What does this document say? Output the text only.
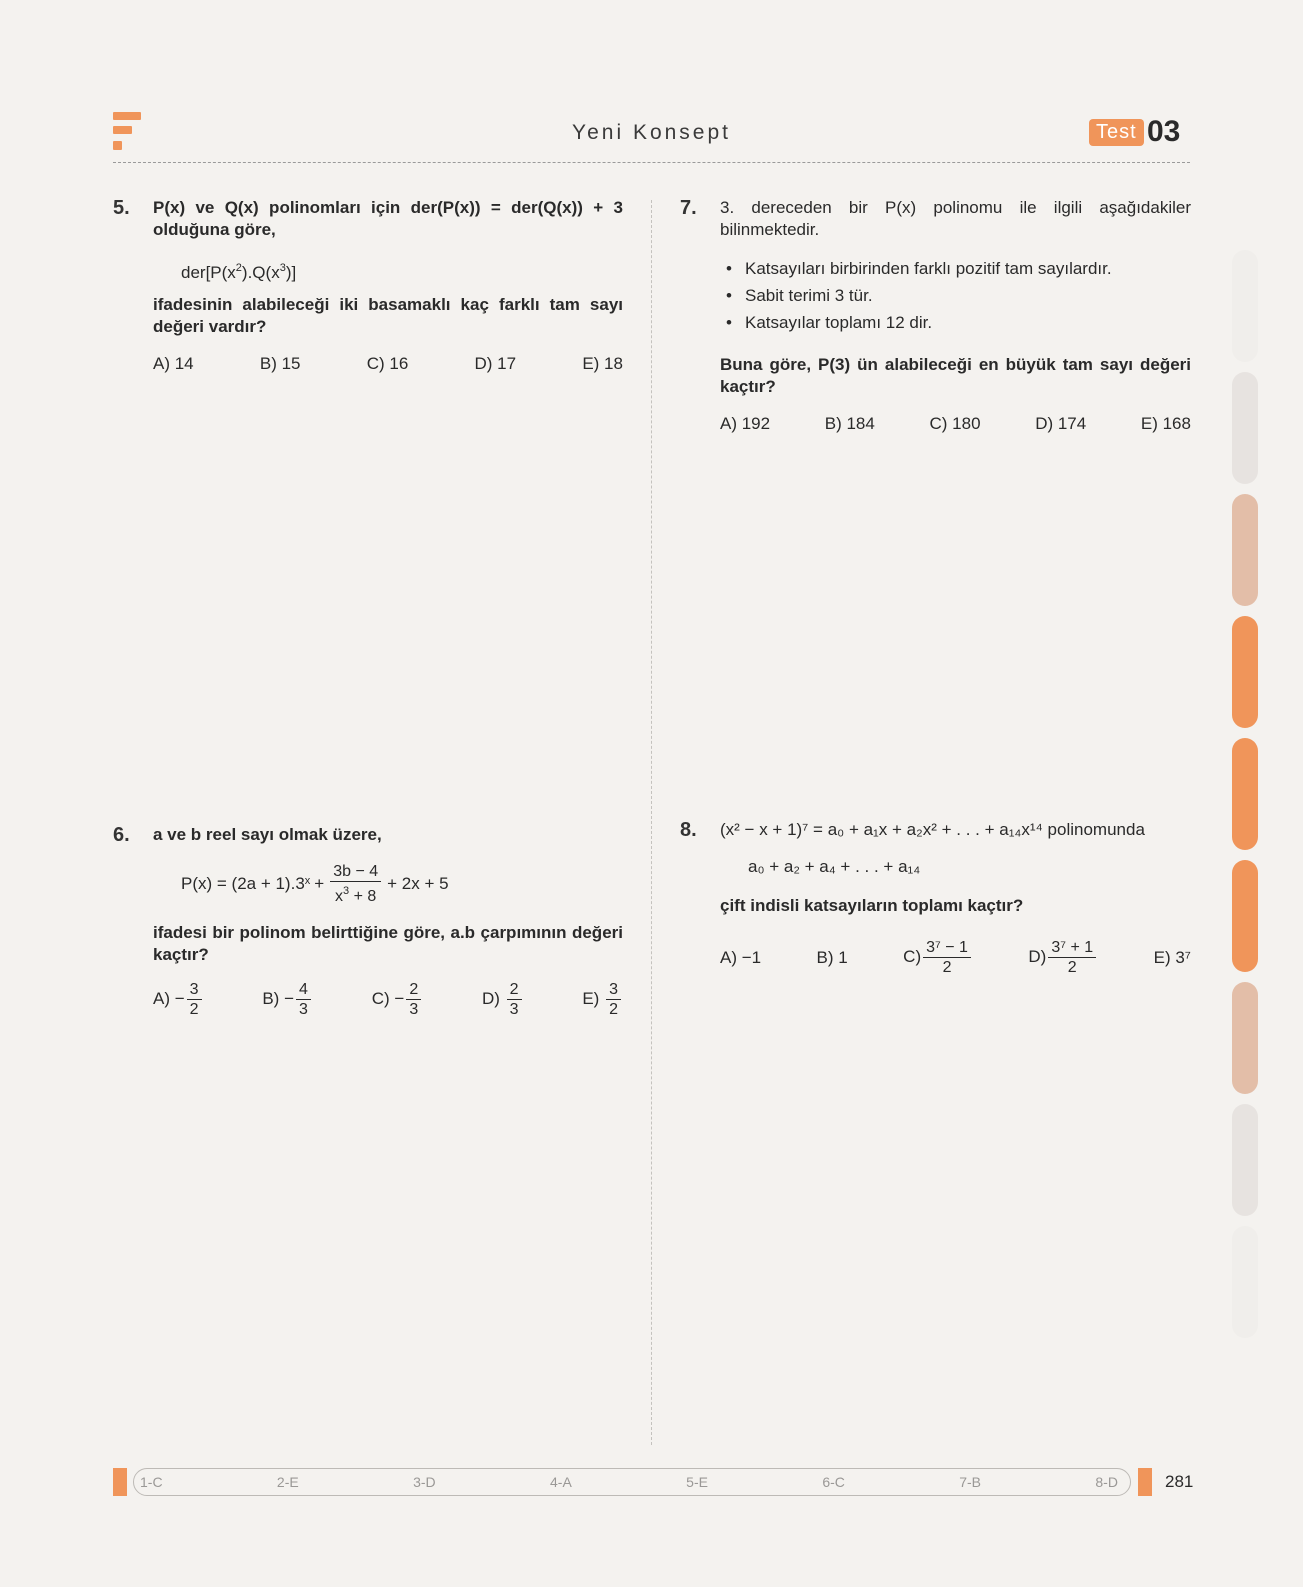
Yeni Konsept	Test 03
5. P(x) ve Q(x) polinomları için der(P(x)) = der(Q(x)) + 3 olduğuna göre,
$der[P(x^2).Q(x^3)]$
ifadesinin alabileceği iki basamaklı kaç farklı tam sayı değeri vardır?
A) 14	B) 15	C) 16	D) 17	E) 18
6. a ve b reel sayı olmak üzere,
P(x) = (2a + 1).3 $x + \frac{3b - 4}{x^3 + 8} + 2x + 5$
ifadesi bir polinom belirttiğine göre, a.b çarpımının değeri kaçtır?
$A) - \frac{3}{2}$	$B) - \frac{4}{3}$	$C) - \frac{2}{3}$	$D) \frac{2}{3}$	$E) \frac{3}{2}$
7. 3. dereceden bir P(x) polinomu ile ilgili aşağıdakiler bilinmektedir.
• Katsayıları birbirinden farklı pozitif tam sayılardır.
• Sabit terimi 3 tür.
• Katsayılar toplamı 12 dir.
Buna göre, P(3) ün alabileceği en büyük tam sayı değeri kaçtır?
A) 192	B) 184	C) 180	D) 174	E) 168
8. (x² − x + 1)⁷ = a₀ + a₁x + a₂x² + . . . + a₁₄x¹⁴ polinomunda
a₀ + a₂ + a₄ + . . . + a₁₄
çift indisli katsayıların toplamı kaçtır?
A) −1	B) 1	$C) \frac{\text{3⁷ − 1}}{2}$	$D) \frac{\text{3⁷ + 1}}{2}$	E) 3⁷
1-C	2-E	3-D	4-A	5-E	6-C	7-B	8-D	281
